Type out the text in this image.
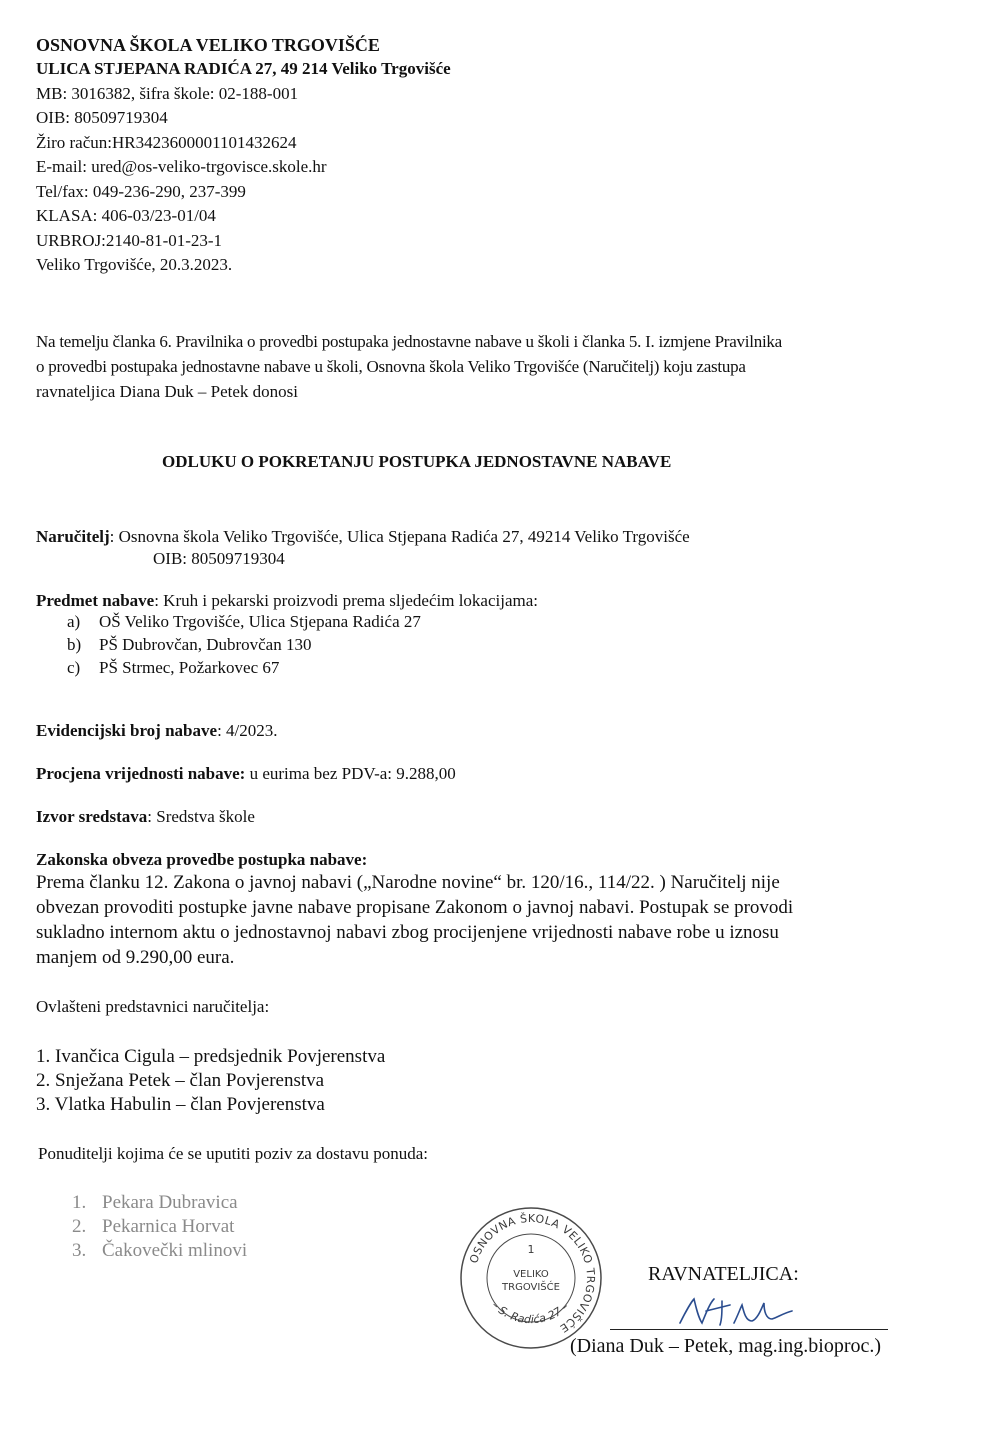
OSNOVNA ŠKOLA VELIKO TRGOVIŠĆE
ULICA STJEPANA RADIĆA 27, 49 214 Veliko Trgovišće
MB: 3016382, šifra škole: 02-188-001
OIB: 80509719304
Žiro račun:HR3423600001101432624
E-mail: ured@os-veliko-trgovisce.skole.hr
Tel/fax: 049-236-290, 237-399
KLASA: 406-03/23-01/04
URBROJ:2140-81-01-23-1
Veliko Trgovišće, 20.3.2023.
Na temelju članka 6. Pravilnika o provedbi postupaka jednostavne nabave u školi i članka 5. I. izmjene Pravilnika
o provedbi postupaka jednostavne nabave u školi, Osnovna škola Veliko Trgovišće (Naručitelj) koju zastupa
ravnateljica Diana Duk – Petek donosi
ODLUKU O POKRETANJU POSTUPKA JEDNOSTAVNE NABAVE
Naručitelj: Osnovna škola Veliko Trgovišće, Ulica Stjepana Radića 27, 49214 Veliko Trgovišće
OIB: 80509719304
Predmet nabave: Kruh i pekarski proizvodi prema sljedećim lokacijama:
a) OŠ Veliko Trgovišće, Ulica Stjepana Radića 27
b) PŠ Dubrovčan, Dubrovčan 130
c) PŠ Strmec, Požarkovec 67
Evidencijski broj nabave: 4/2023.
Procjena vrijednosti nabave: u eurima bez PDV-a: 9.288,00
Izvor sredstava: Sredstva škole
Zakonska obveza provedbe postupka nabave:
Prema članku 12. Zakona o javnoj nabavi („Narodne novine“ br. 120/16., 114/22. ) Naručitelj nije
obvezan provoditi postupke javne nabave propisane Zakonom o javnoj nabavi. Postupak se provodi
sukladno internom aktu o jednostavnoj nabavi zbog procijenjene vrijednosti nabave robe u iznosu
manjem od 9.290,00 eura.
Ovlašteni predstavnici naručitelja:
1. Ivančica Cigula – predsjednik Povjerenstva
2. Snježana Petek – član Povjerenstva
3. Vlatka Habulin – član Povjerenstva
Ponuditelji kojima će se uputiti poziv za dostavu ponuda:
1. Pekara Dubravica
2. Pekarnica Horvat
3. Čakovečki mlinovi	OSNOVNA ŠKOLA VELIKO TRGOVIŠĆE
– S. Radića 27 –
1
VELIKO
TRGOVIŠĆE
RAVNATELJICA:
(Diana Duk – Petek, mag.ing.bioproc.)
